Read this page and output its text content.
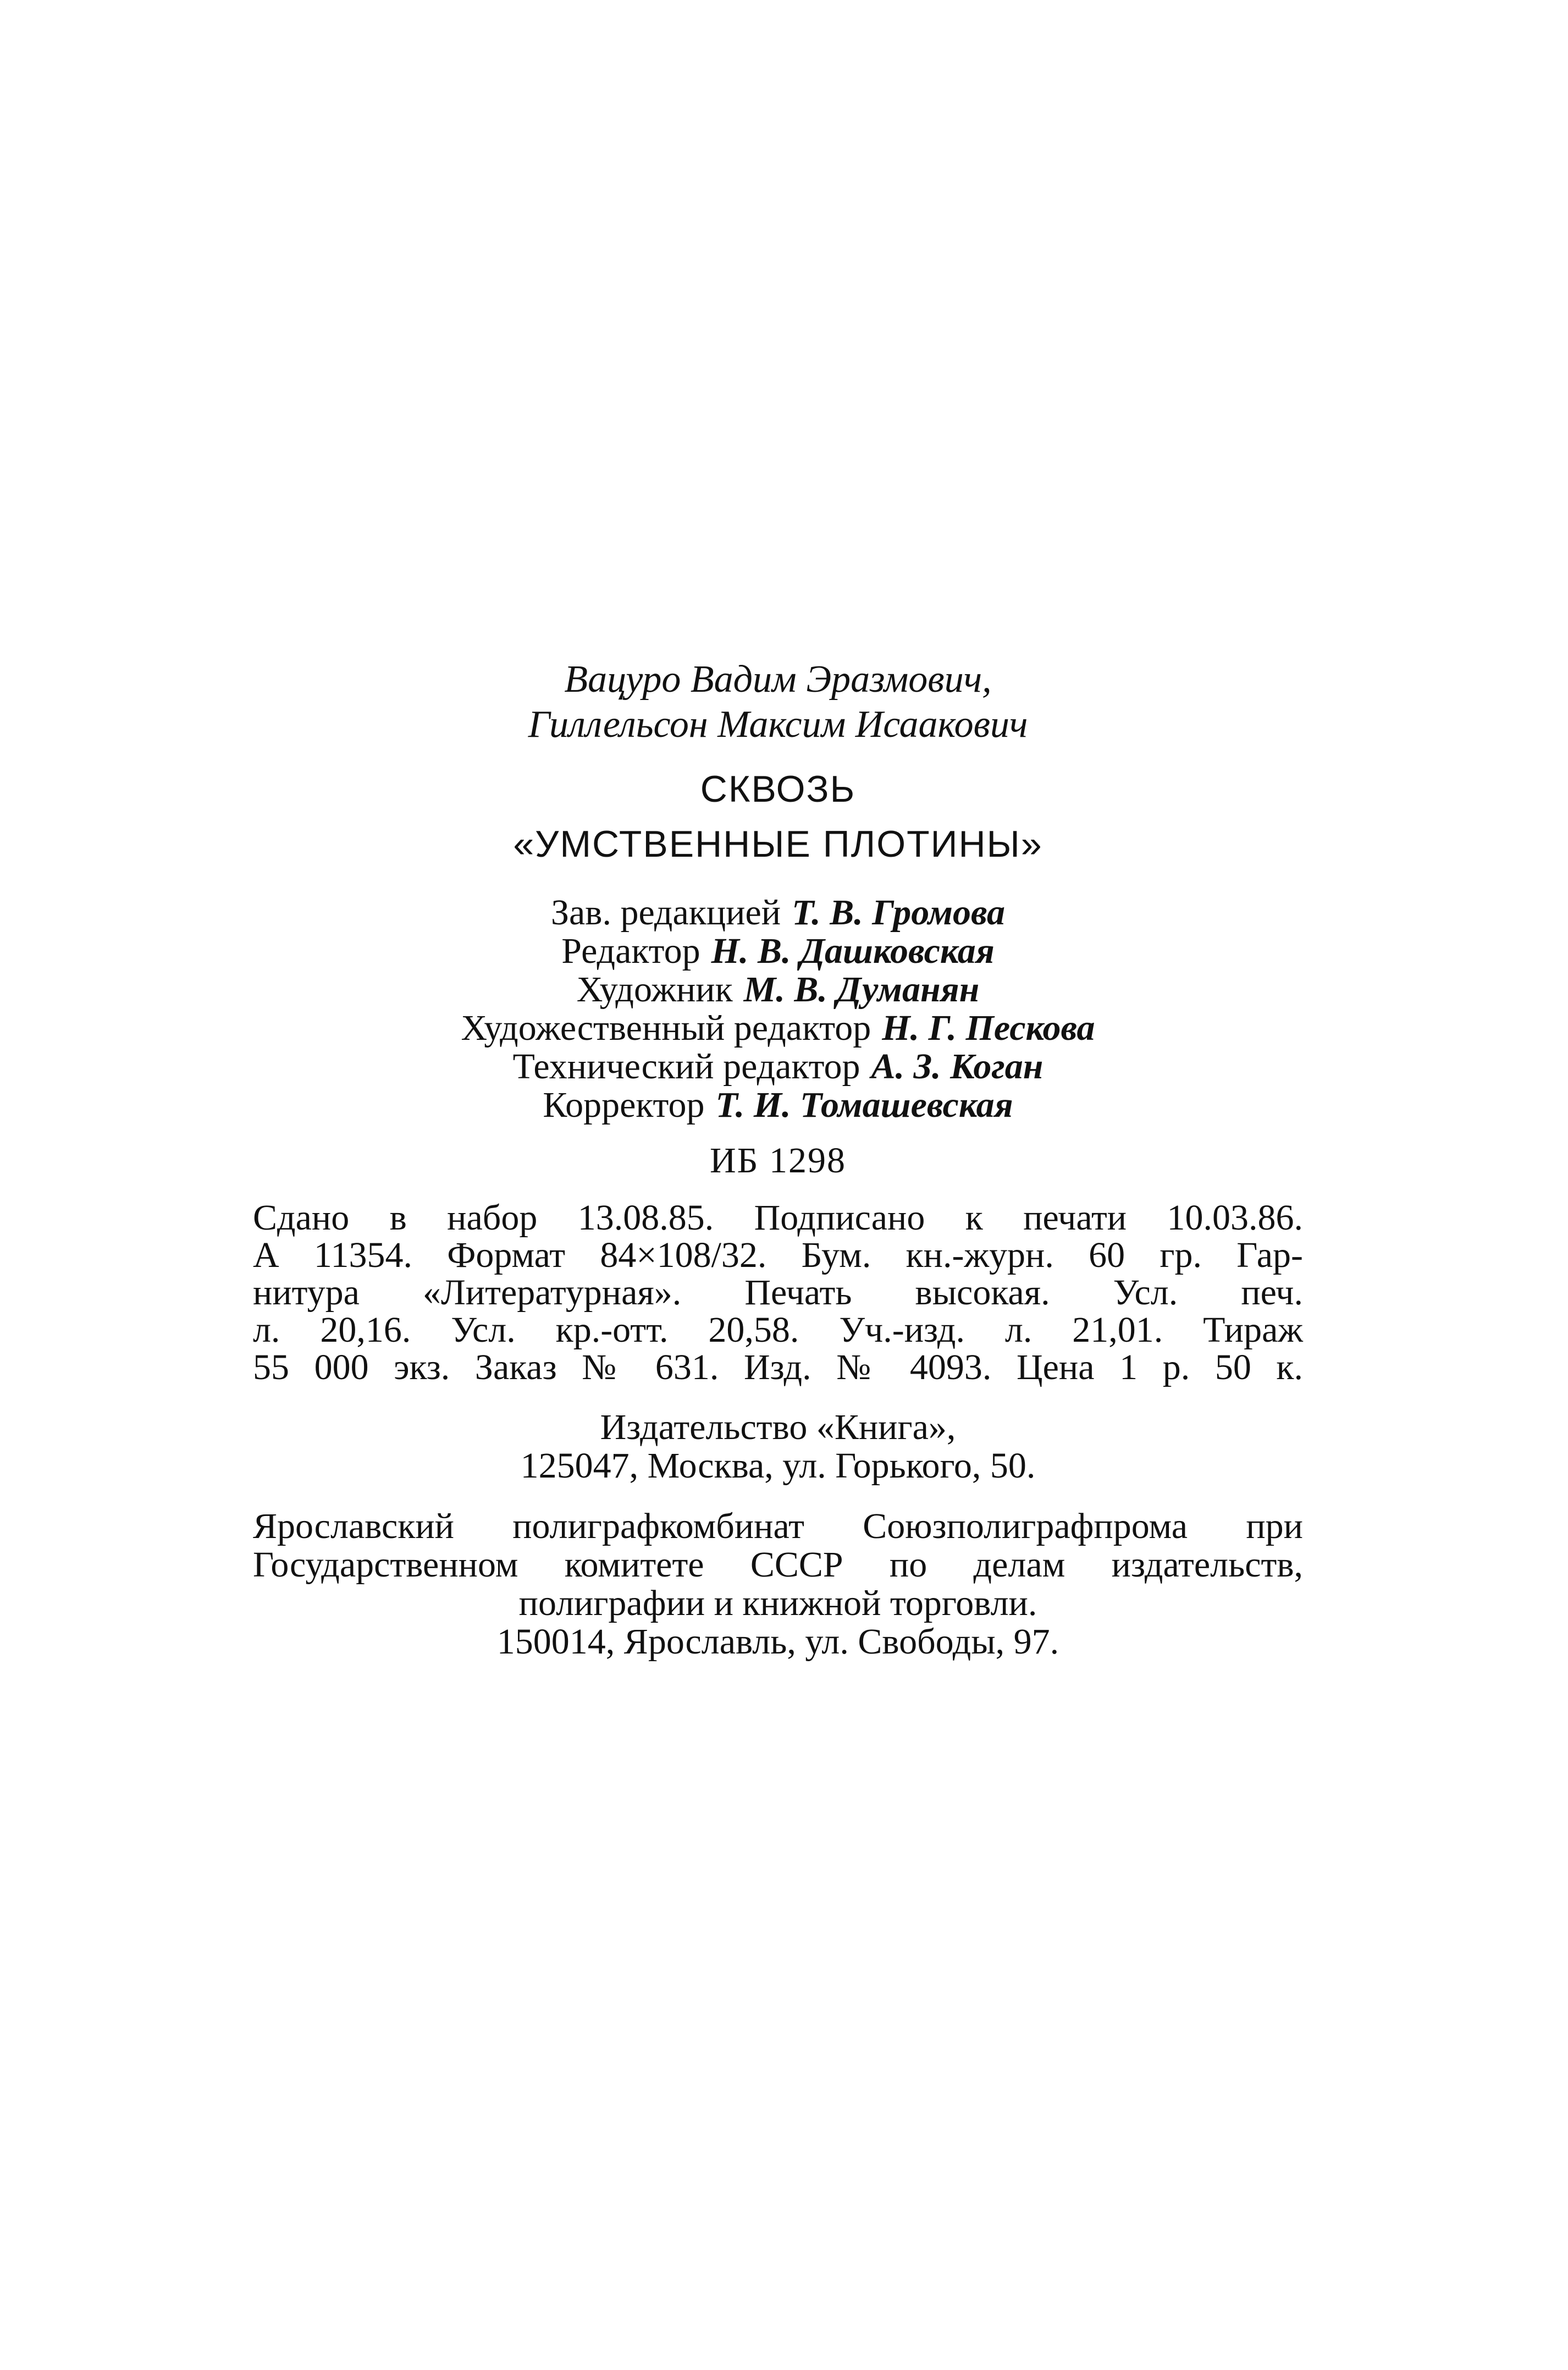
Вацуро Вадим Эразмович,
Гиллельсон Максим Исаакович
СКВОЗЬ
«УМСТВЕННЫЕ ПЛОТИНЫ»
Зав. редакцией Т. В. Громова
Редактор Н. В. Дашковская
Художник М. В. Думанян
Художественный редактор Н. Г. Пескова
Технический редактор А. З. Коган
Корректор Т. И. Томашевская
ИБ 1298
Сдано в набор 13.08.85. Подписано к печати 10.03.86.
А 11354. Формат 84×108/32. Бум. кн.-журн. 60 гр. Гар-
нитура «Литературная». Печать высокая. Усл. печ.
л. 20,16. Усл. кр.-отт. 20,58. Уч.-изд. л. 21,01. Тираж
55 000 экз. Заказ № 631. Изд. № 4093. Цена 1 р. 50 к.
Издательство «Книга»,
125047, Москва, ул. Горького, 50.
Ярославский полиграфкомбинат Союзполиграфпрома при
Государственном комитете СССР по делам издательств,
полиграфии и книжной торговли.
150014, Ярославль, ул. Свободы, 97.
